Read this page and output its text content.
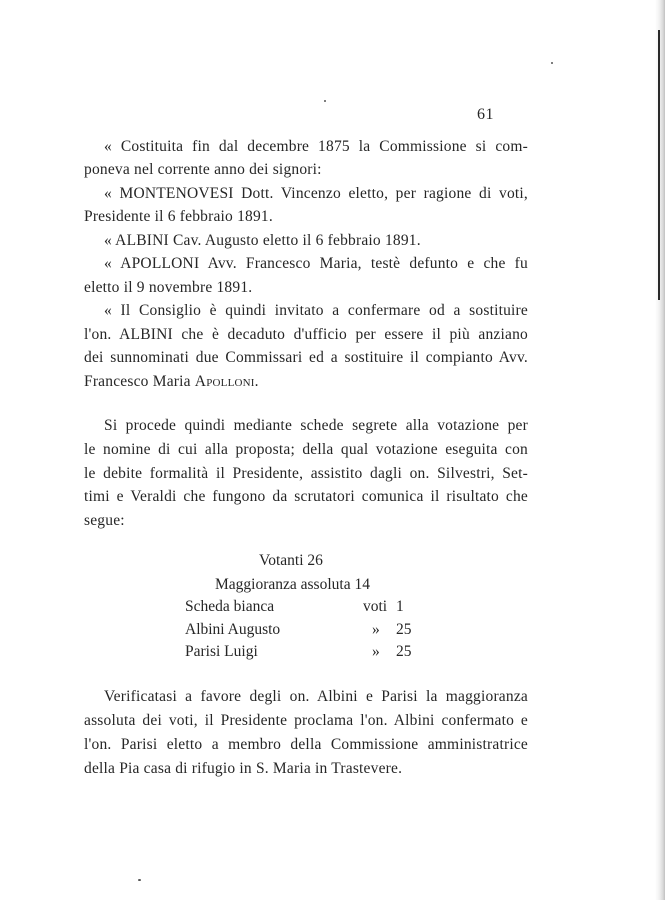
61
« Costituita fin dal decembre 1875 la Commissione si com-
poneva nel corrente anno dei signori:
« MONTENOVESI Dott. Vincenzo eletto, per ragione di voti,
Presidente il 6 febbraio 1891.
« ALBINI Cav. Augusto eletto il 6 febbraio 1891.
« APOLLONI Avv. Francesco Maria, testè defunto e che fu
eletto il 9 novembre 1891.
« Il Consiglio è quindi invitato a confermare od a sostituire
l'on. ALBINI che è decaduto d'ufficio per essere il più anziano
dei sunnominati due Commissari ed a sostituire il compianto Avv.
Francesco Maria Apolloni.
Si procede quindi mediante schede segrete alla votazione per
le nomine di cui alla proposta; della qual votazione eseguita con
le debite formalità il Presidente, assistito dagli on. Silvestri, Set-
timi e Veraldi che fungono da scrutatori comunica il risultato che
segue:
Votanti 26
Maggioranza assoluta 14
Scheda bianca	voti 1
Albini Augusto	» 25
Parisi Luigi	» 25
Verificatasi a favore degli on. Albini e Parisi la maggioranza
assoluta dei voti, il Presidente proclama l'on. Albini confermato e
l'on. Parisi eletto a membro della Commissione amministratrice
della Pia casa di rifugio in S. Maria in Trastevere.
